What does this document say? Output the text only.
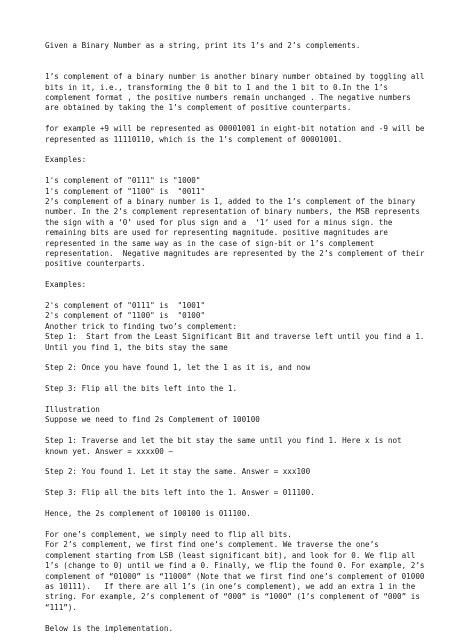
Given a Binary Number as a string, print its 1’s and 2’s complements.
1’s complement of a binary number is another binary number obtained by toggling all
bits in it, i.e., transforming the 0 bit to 1 and the 1 bit to 0.In the 1’s
complement format , the positive numbers remain unchanged . The negative numbers
are obtained by taking the 1’s complement of positive counterparts.
for example +9 will be represented as 00001001 in eight-bit notation and -9 will be
represented as 11110110, which is the 1’s complement of 00001001.
Examples:
1's complement of "0111" is "1000"
1's complement of "1100" is  "0011"
2’s complement of a binary number is 1, added to the 1’s complement of the binary
number. In the 2’s complement representation of binary numbers, the MSB represents
the sign with a ‘0’ used for plus sign and a  ‘1’ used for a minus sign. the
remaining bits are used for representing magnitude. positive magnitudes are
represented in the same way as in the case of sign-bit or 1’s complement
representation.  Negative magnitudes are represented by the 2’s complement of their
positive counterparts.
Examples:
2's complement of "0111" is  "1001"
2's complement of "1100" is  "0100"
Another trick to finding two’s complement:
Step 1:  Start from the Least Significant Bit and traverse left until you find a 1.
Until you find 1, the bits stay the same
Step 2: Once you have found 1, let the 1 as it is, and now
Step 3: Flip all the bits left into the 1.
Illustration
Suppose we need to find 2s Complement of 100100
Step 1: Traverse and let the bit stay the same until you find 1. Here x is not
known yet. Answer = xxxx00 –
Step 2: You found 1. Let it stay the same. Answer = xxx100
Step 3: Flip all the bits left into the 1. Answer = 011100.
Hence, the 2s complement of 100100 is 011100.
For one’s complement, we simply need to flip all bits.
For 2’s complement, we first find one’s complement. We traverse the one’s
complement starting from LSB (least significant bit), and look for 0. We flip all
1’s (change to 0) until we find a 0. Finally, we flip the found 0. For example, 2’s
complement of “01000” is “11000” (Note that we first find one’s complement of 01000
as 10111).   If there are all 1’s (in one’s complement), we add an extra 1 in the
string. For example, 2’s complement of “000” is “1000” (1’s complement of “000” is
“111”).
Below is the implementation.
